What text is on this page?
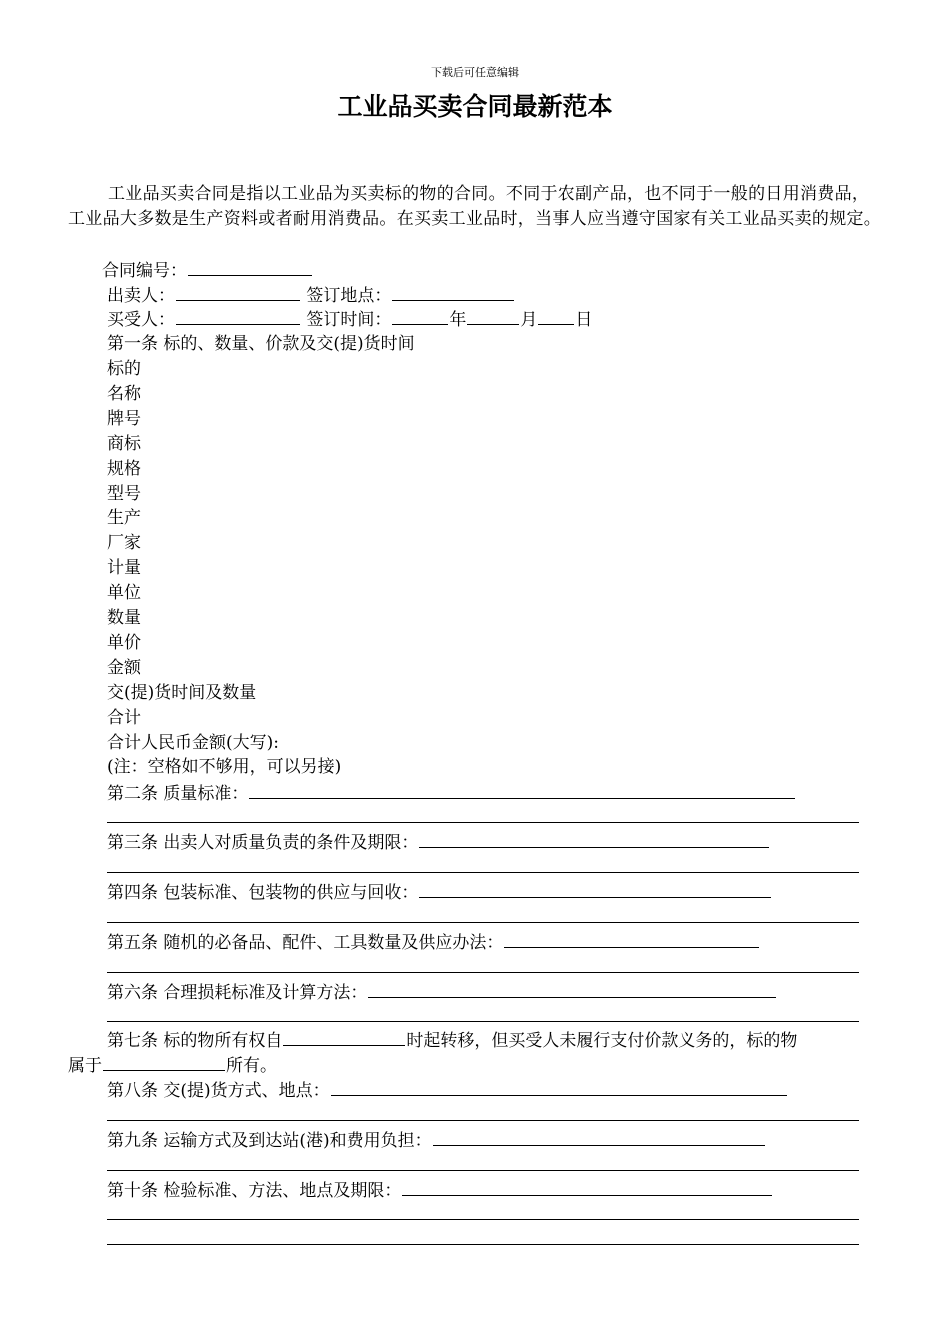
下载后可任意编辑
工业品买卖合同最新范本

工业品买卖合同是指以工业品为买卖标的物的合同。不同于农副产品，也不同于一般的日用消费品，工业品大多数是生产资料或者耐用消费品。在买卖工业品时，当事人应当遵守国家有关工业品买卖的规定。

合同编号：
出卖人：	签订地点：
买受人：	签订时间：	年	月 日
第一条 标的、数量、价款及交(提)货时间
标的
名称
牌号
商标
规格
型号
生产
厂家
计量
单位
数量
单价
金额
交(提)货时间及数量
合计
合计人民币金额(大写):
(注：空格如不够用，可以另接)
第二条 质量标准：
第三条 出卖人对质量负责的条件及期限：
第四条 包装标准、包装物的供应与回收：
第五条 随机的必备品、配件、工具数量及供应办法：
第六条 合理损耗标准及计算方法：
第七条 标的物所有权自	时起转移，但买受人未履行支付价款义务的，标的物
属于	所有。
第八条 交(提)货方式、地点：
第九条 运输方式及到达站(港)和费用负担：
第十条 检验标准、方法、地点及期限：
